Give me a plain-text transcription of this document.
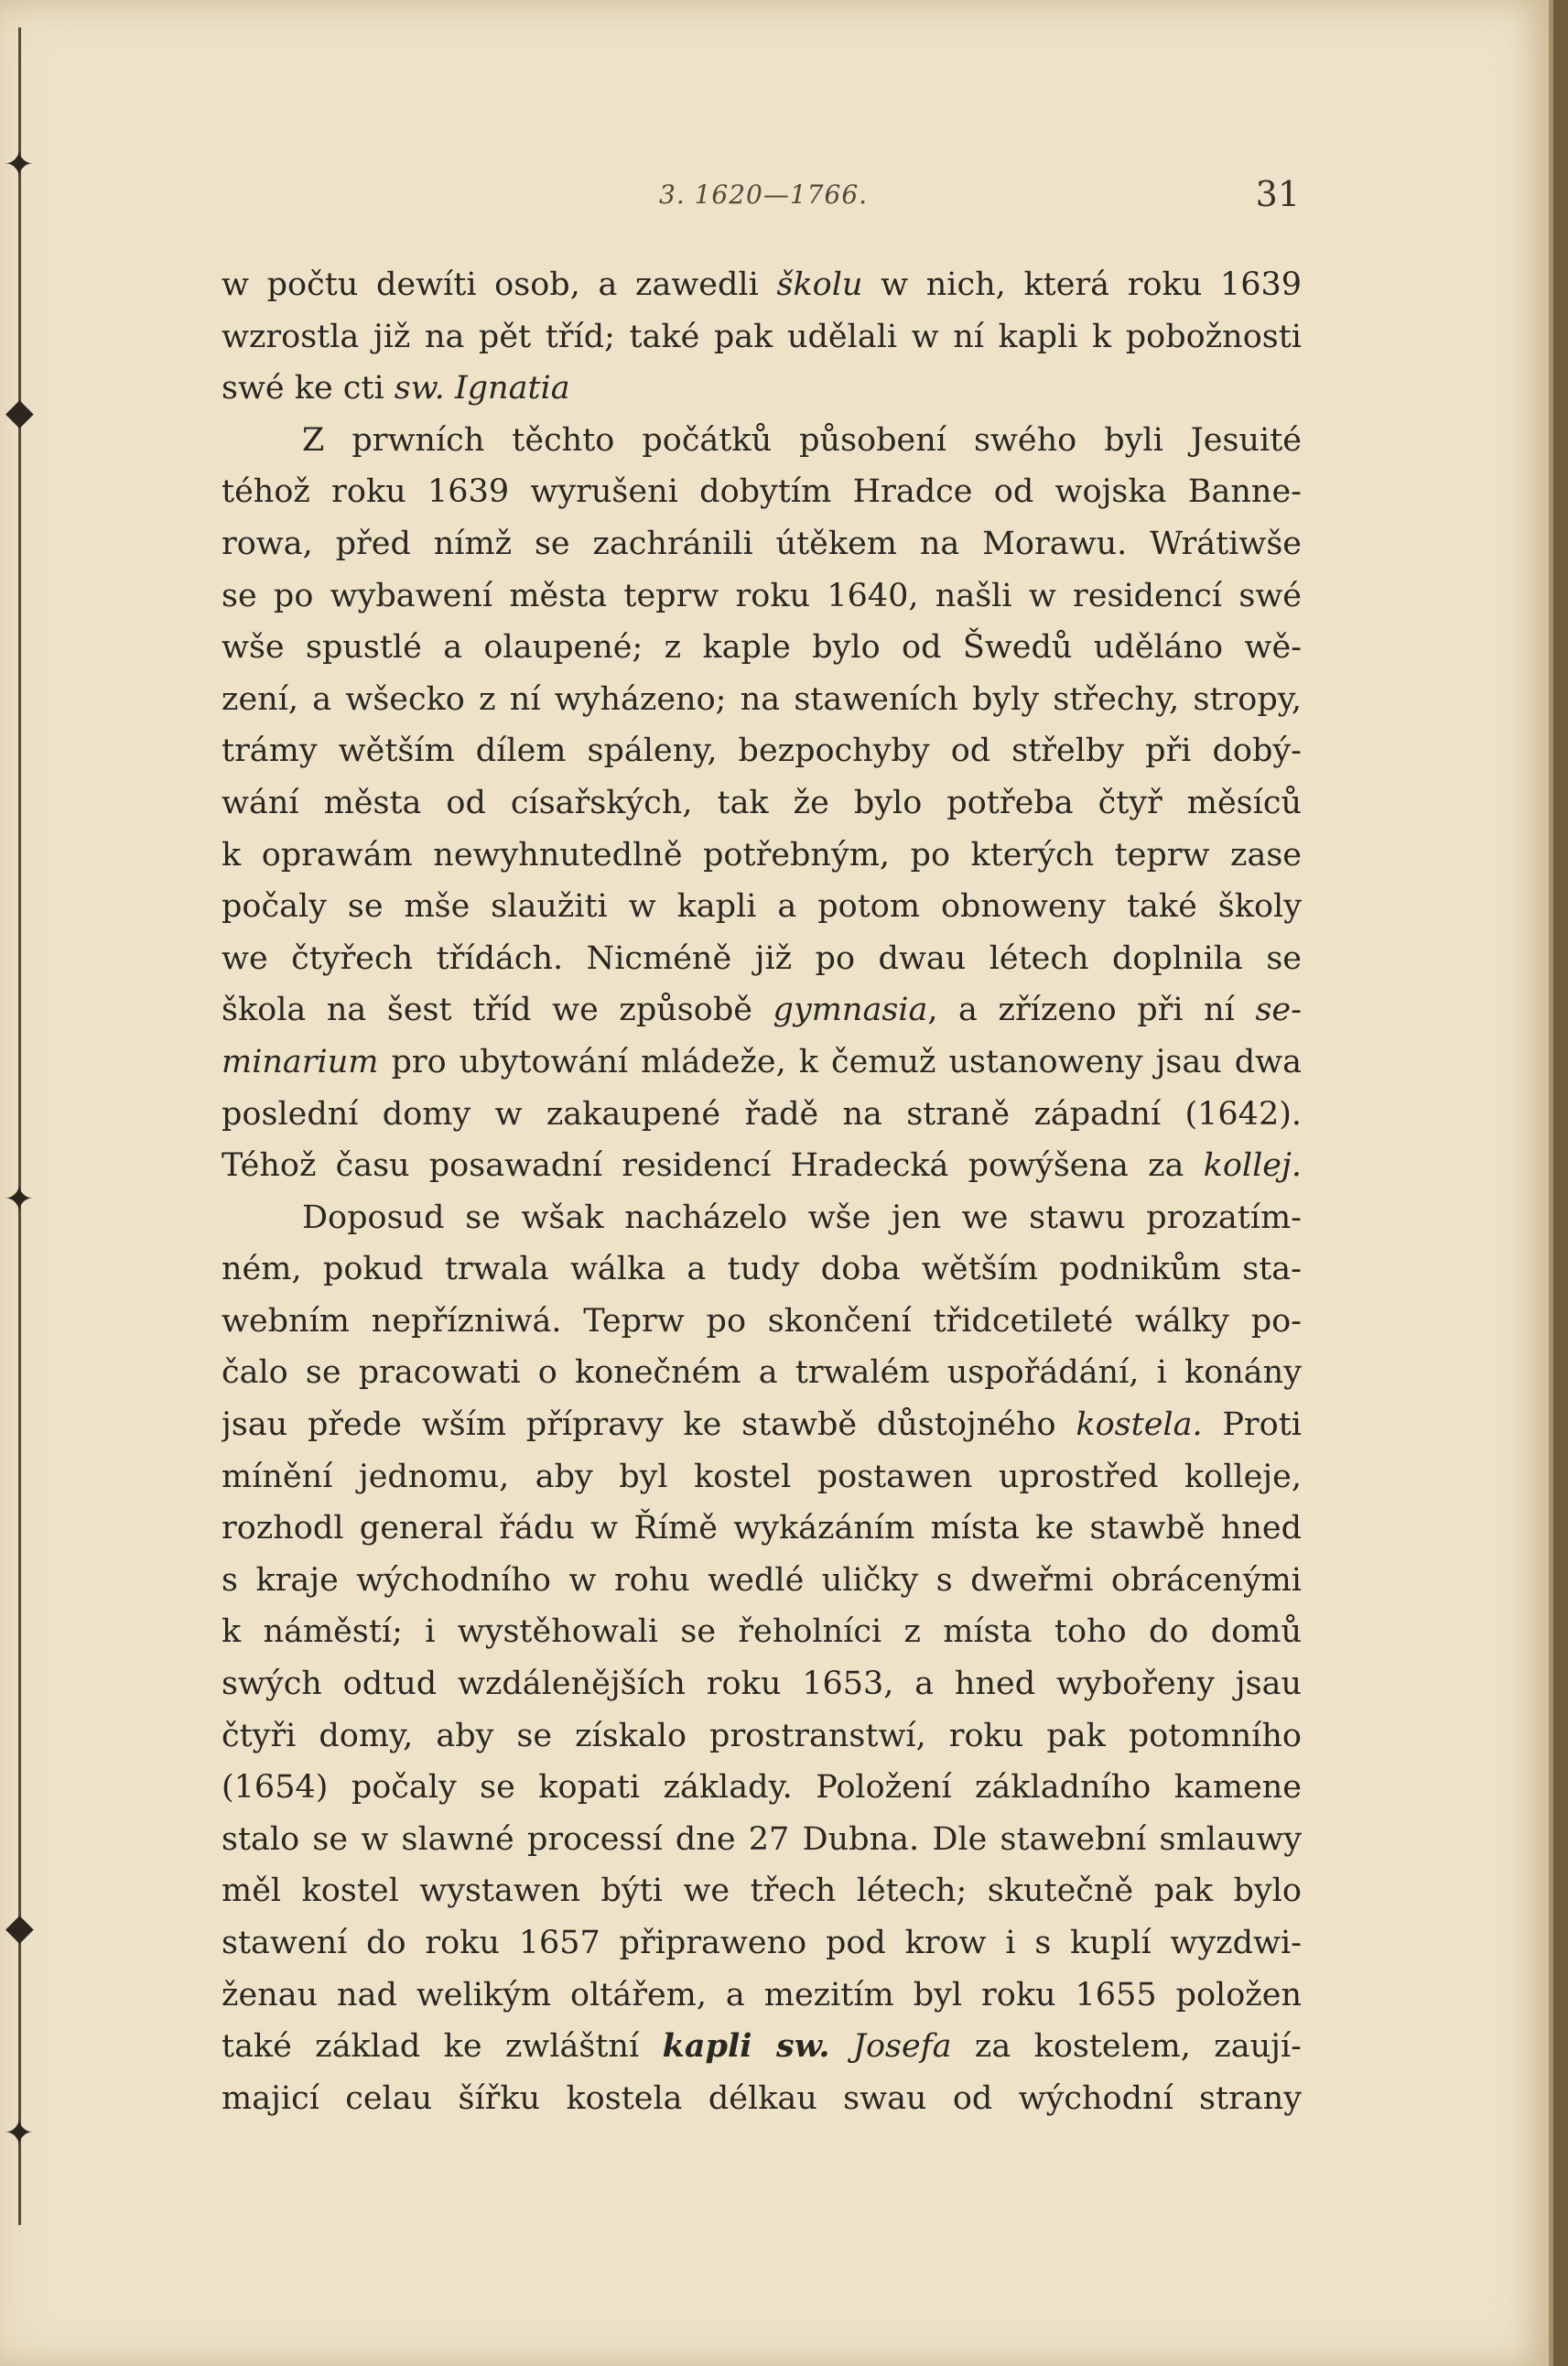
✦
◆
✦
◆
✦
3. 1620—1766.	31
w počtu dewíti osob, a zawedli školu w nich, která roku 1639
wzrostla již na pět tříd; také pak udělali w ní kapli k pobožnosti
swé ke cti sw. Ignatia
Z prwních těchto počátků působení swého byli Jesuité
téhož roku 1639 wyrušeni dobytím Hradce od wojska Banne-
rowa, před nímž se zachránili útěkem na Morawu. Wrátiwše
se po wybawení města teprw roku 1640, našli w residencí swé
wše spustlé a olaupené; z kaple bylo od Šwedů uděláno wě-
zení, a wšecko z ní wyházeno; na staweních byly střechy, stropy,
trámy wětším dílem spáleny, bezpochyby od střelby při dobý-
wání města od císařských, tak že bylo potřeba čtyř měsíců
k oprawám newyhnutedlně potřebným, po kterých teprw zase
počaly se mše slaužiti w kapli a potom obnoweny také školy
we čtyřech třídách. Nicméně již po dwau létech doplnila se
škola na šest tříd we způsobě gymnasia, a zřízeno při ní se-
minarium pro ubytowání mládeže, k čemuž ustanoweny jsau dwa
poslední domy w zakaupené řadě na straně západní (1642).
Téhož času posawadní residencí Hradecká powýšena za kollej.
Doposud se wšak nacházelo wše jen we stawu prozatím-
ném, pokud trwala wálka a tudy doba wětším podnikům sta-
webním nepřízniwá. Teprw po skončení třidcetileté wálky po-
čalo se pracowati o konečném a trwalém uspořádání, i konány
jsau přede wším přípravy ke stawbě důstojného kostela. Proti
mínění jednomu, aby byl kostel postawen uprostřed kolleje,
rozhodl general řádu w Římě wykázáním místa ke stawbě hned
s kraje wýchodního w rohu wedlé uličky s dweřmi obrácenými
k náměstí; i wystěhowali se řeholníci z místa toho do domů
swých odtud wzdálenějších roku 1653, a hned wybořeny jsau
čtyři domy, aby se získalo prostranstwí, roku pak potomního
(1654) počaly se kopati základy. Položení základního kamene
stalo se w slawné processí dne 27 Dubna. Dle stawební smlauwy
měl kostel wystawen býti we třech létech; skutečně pak bylo
stawení do roku 1657 připraweno pod krow i s kuplí wyzdwi-
ženau nad welikým oltářem, a mezitím byl roku 1655 položen
také základ ke zwláštní kapli sw. Josefa za kostelem, zaují-
majicí celau šířku kostela délkau swau od wýchodní strany
